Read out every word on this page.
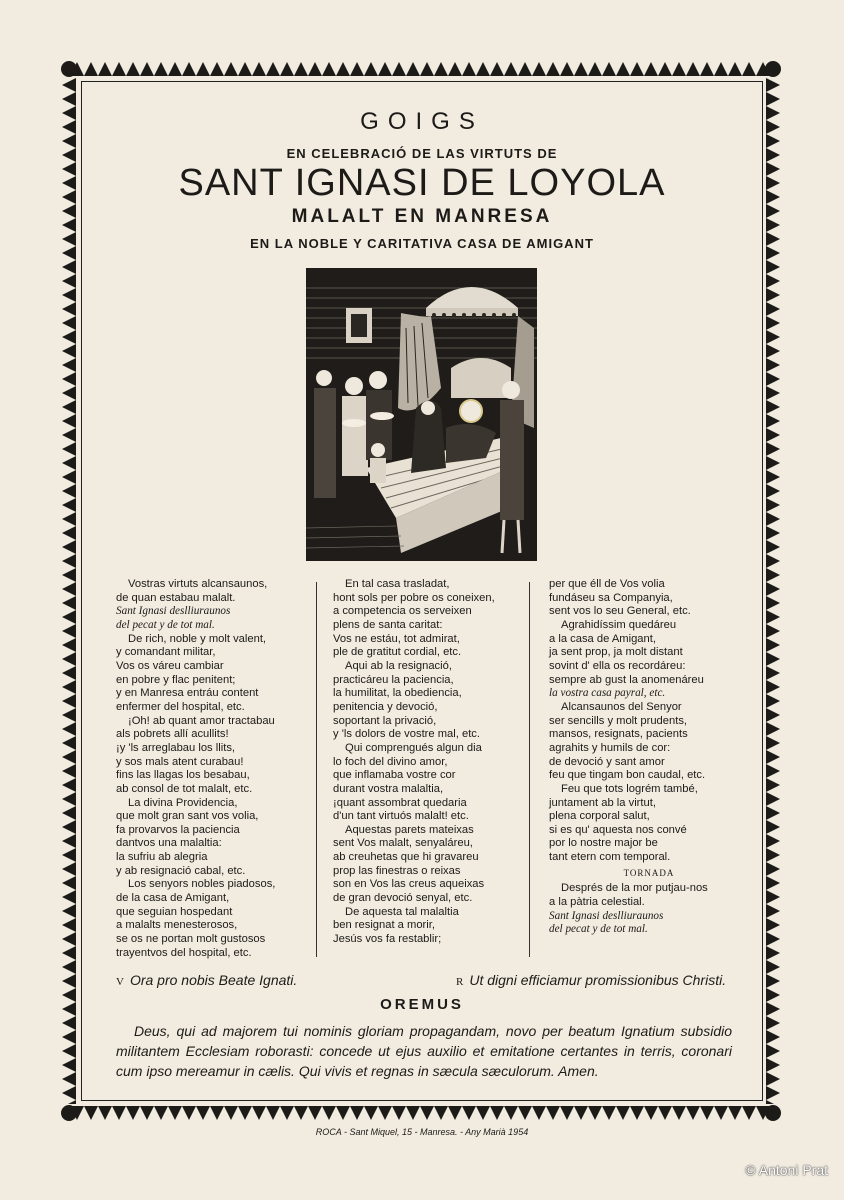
GOIGS
EN CELEBRACIÓ DE LAS VIRTUTS DE
SANT IGNASI DE LOYOLA
MALALT EN MANRESA
EN LA NOBLE Y CARITATIVA CASA DE AMIGANT
Vostras virtuts alcansaunos,
de quan estabau malalt.
Sant Ignasi deslliuraunos
del pecat y de tot mal.
De rich, noble y molt valent,
y comandant militar,
Vos os váreu cambiar
en pobre y flac penitent;
y en Manresa entráu content
enfermer del hospital, etc.
¡Oh! ab quant amor tractabau
als pobrets allí acullits!
¡y 'ls arreglabau los llits,
y sos mals atent curabau!
fins las llagas los besabau,
ab consol de tot malalt, etc.
La divina Providencia,
que molt gran sant vos volia,
fa provarvos la paciencia
dantvos una malaltia:
la sufriu ab alegria
y ab resignació cabal, etc.
Los senyors nobles piadosos,
de la casa de Amigant,
que seguian hospedant
a malalts menesterosos,
se os ne portan molt gustosos
trayentvos del hospital, etc.
En tal casa trasladat,
hont sols per pobre os coneixen,
a competencia os serveixen
plens de santa caritat:
Vos ne estáu, tot admirat,
ple de gratitut cordial, etc.
Aqui ab la resignació,
practicáreu la paciencia,
la humilitat, la obediencia,
penitencia y devoció,
soportant la privació,
y 'ls dolors de vostre mal, etc.
Qui comprengués algun dia
lo foch del divino amor,
que inflamaba vostre cor
durant vostra malaltia,
¡quant assombrat quedaria
d'un tant virtuós malalt! etc.
Aquestas parets mateixas
sent Vos malalt, senyaláreu,
ab creuhetas que hi gravareu
prop las finestras o reixas
son en Vos las creus aqueixas
de gran devoció senyal, etc.
De aquesta tal malaltia
ben resignat a morir,
Jesús vos fa restablir;
per que éll de Vos volia
fundáseu sa Companyia,
sent vos lo seu General, etc.
Agrahidíssim quedáreu
a la casa de Amigant,
ja sent prop, ja molt distant
sovint d' ella os recordáreu:
sempre ab gust la anomenáreu
la vostra casa payral, etc.
Alcansaunos del Senyor
ser sencills y molt prudents,
mansos, resignats, pacients
agrahits y humils de cor:
de devoció y sant amor
feu que tingam bon caudal, etc.
Feu que tots logrém també,
juntament ab la virtut,
plena corporal salut,
si es qu' aquesta nos convé
por lo nostre major be
tant etern com temporal.
TORNADA
Després de la mor putjau-nos
a la pàtria celestial.
Sant Ignasi deslliuraunos
del pecat y de tot mal.
V Ora pro nobis Beate Ignati.	R Ut digni efficiamur promissionibus Christi.
OREMUS
Deus, qui ad majorem tui nominis gloriam propagandam, novo per beatum Ignatium subsidio militantem Ecclesiam roborasti: concede ut ejus auxilio et emitatione certantes in terris, coronari cum ipso mereamur in cælis. Qui vivis et regnas in sæcula sæculorum. Amen.
ROCA - Sant Miquel, 15 - Manresa. - Any Marià 1954
© Antoni Prat
